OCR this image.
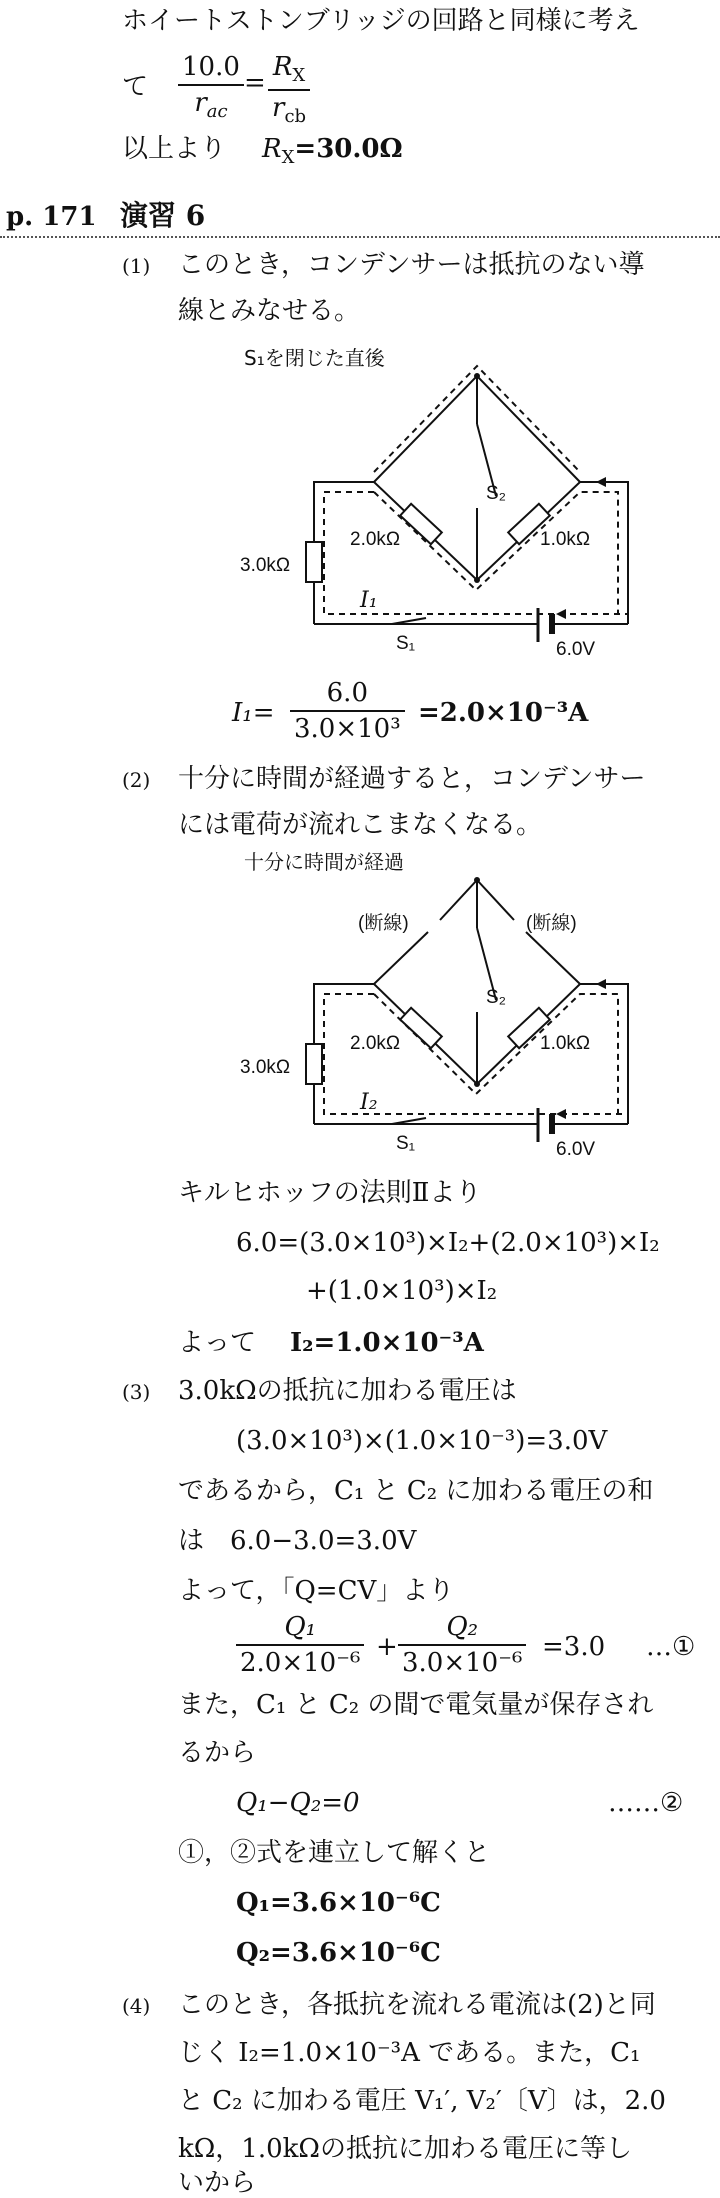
ホイートストンブリッジの回路と同様に考え
て
10.0
$r_{ac}$
=
$R_X$
$r_{cb}$
以上より $R_X=30.0\Omega$
p. 171 演習 6
(1) このとき，コンデンサーは抵抗のない導
線とみなせる。
S₁を閉じた直後
3.0kΩ
2.0kΩ	1.0kΩ
S₂
S₁
I₁
6.0V
I₁=
6.0
3.0×10³
=2.0×10⁻³A
(2) 十分に時間が経過すると，コンデンサー
には電荷が流れこまなくなる。
十分に時間が経過
(断線)	(断線)
3.0kΩ
2.0kΩ	1.0kΩ
S₂
S₁
I₂
6.0V
キルヒホッフの法則Ⅱより
6.0=(3.0×10³)×I₂+(2.0×10³)×I₂
+(1.0×10³)×I₂
よって I₂=1.0×10⁻³A
(3) 3.0kΩの抵抗に加わる電圧は
(3.0×10³)×(1.0×10⁻³)=3.0V
であるから，C₁ と C₂ に加わる電圧の和
は　6.0−3.0=3.0V
よって，「Q=CV」より
Q₁
2.0×10⁻⁶
+
Q₂
3.0×10⁻⁶
=3.0 …①
また，C₁ と C₂ の間で電気量が保存され
るから
Q₁−Q₂=0	……②
①，②式を連立して解くと
Q₁=3.6×10⁻⁶C
Q₂=3.6×10⁻⁶C
(4) このとき，各抵抗を流れる電流は(2)と同
じく I₂=1.0×10⁻³A である。また，C₁
と C₂ に加わる電圧 V₁′, V₂′〔V〕は，2.0
kΩ，1.0kΩの抵抗に加わる電圧に等し
いから
